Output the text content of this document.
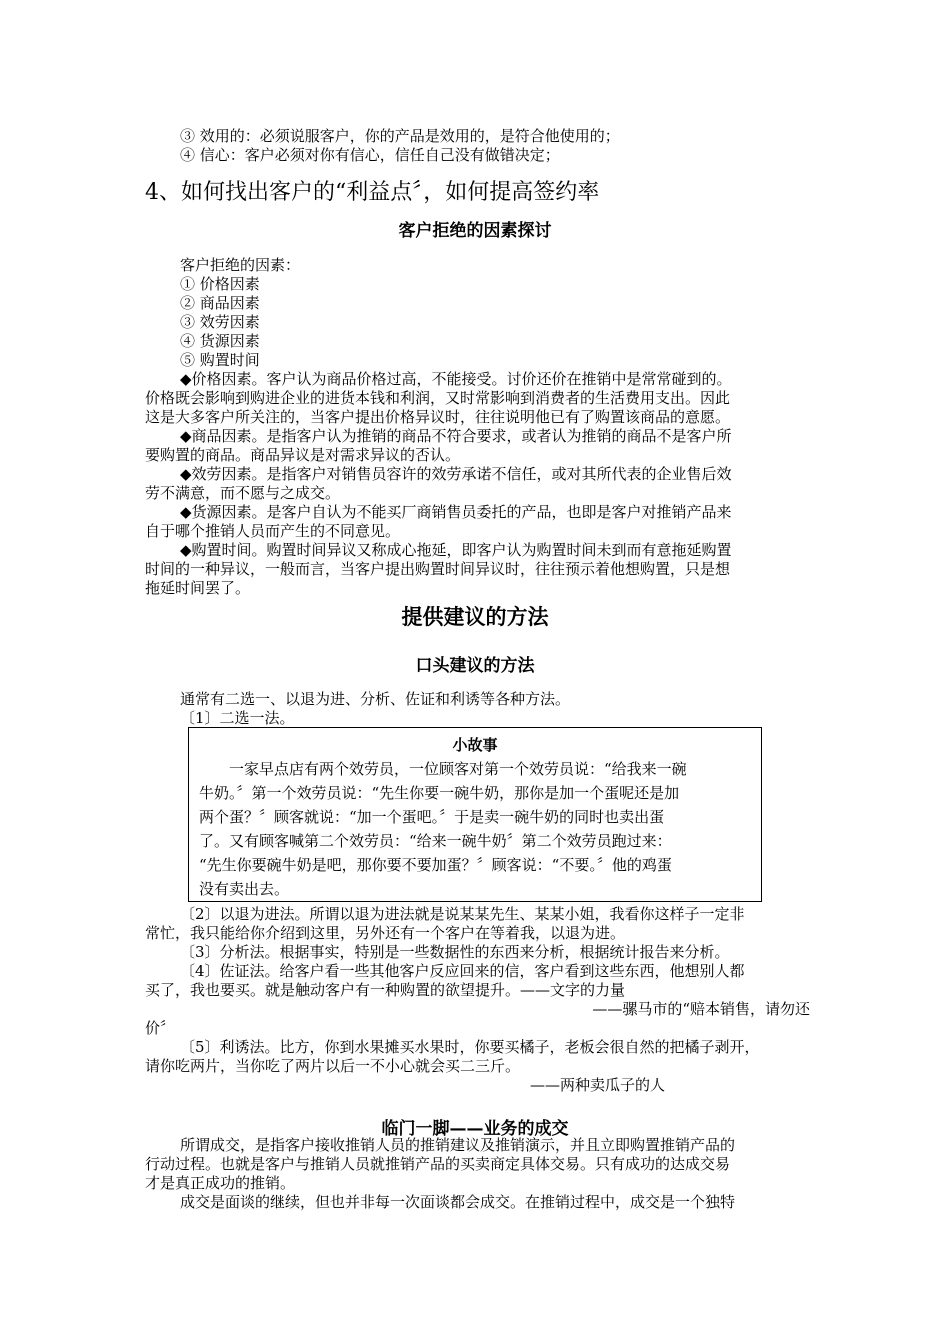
③ 效用的：必须说服客户，你的产品是效用的，是符合他使用的；
④ 信心：客户必须对你有信心，信任自己没有做错决定；
4、如何找出客户的“利益点〞，如何提高签约率
客户拒绝的因素探讨
客户拒绝的因素：
① 价格因素
② 商品因素
③ 效劳因素
④ 货源因素
⑤ 购置时间
◆价格因素。客户认为商品价格过高，不能接受。讨价还价在推销中是常常碰到的。
价格既会影响到购进企业的进货本钱和利润，又时常影响到消费者的生活费用支出。因此
这是大多客户所关注的，当客户提出价格异议时，往往说明他已有了购置该商品的意愿。
◆商品因素。是指客户认为推销的商品不符合要求，或者认为推销的商品不是客户所
要购置的商品。商品异议是对需求异议的否认。
◆效劳因素。是指客户对销售员容许的效劳承诺不信任，或对其所代表的企业售后效
劳不满意，而不愿与之成交。
◆货源因素。是客户自认为不能买厂商销售员委托的产品，也即是客户对推销产品来
自于哪个推销人员而产生的不同意见。
◆购置时间。购置时间异议又称成心拖延，即客户认为购置时间未到而有意拖延购置
时间的一种异议，一般而言，当客户提出购置时间异议时，往往预示着他想购置，只是想
拖延时间罢了。
提供建议的方法
口头建议的方法
通常有二选一、以退为进、分析、佐证和利诱等各种方法。
〔1〕二选一法。
小故事
一家早点店有两个效劳员，一位顾客对第一个效劳员说：“给我来一碗
牛奶。〞第一个效劳员说：“先生你要一碗牛奶，那你是加一个蛋呢还是加
两个蛋？〞顾客就说：“加一个蛋吧。〞于是卖一碗牛奶的同时也卖出蛋
了。又有顾客喊第二个效劳员：“给来一碗牛奶〞第二个效劳员跑过来：
“先生你要碗牛奶是吧，那你要不要加蛋？〞顾客说：“不要。〞他的鸡蛋
没有卖出去。
〔2〕以退为进法。所谓以退为进法就是说某某先生、某某小姐，我看你这样子一定非
常忙，我只能给你介绍到这里，另外还有一个客户在等着我，以退为进。
〔3〕分析法。根据事实，特别是一些数据性的东西来分析，根据统计报告来分析。
〔4〕佐证法。给客户看一些其他客户反应回来的信，客户看到这些东西，他想别人都
买了，我也要买。就是触动客户有一种购置的欲望提升。——文字的力量
——骡马市的“赔本销售，请勿还
价〞
〔5〕利诱法。比方，你到水果摊买水果时，你要买橘子，老板会很自然的把橘子剥开，
请你吃两片，当你吃了两片以后一不小心就会买二三斤。
——两种卖瓜子的人
临门一脚——业务的成交
所谓成交，是指客户接收推销人员的推销建议及推销演示，并且立即购置推销产品的
行动过程。也就是客户与推销人员就推销产品的买卖商定具体交易。只有成功的达成交易
才是真正成功的推销。
成交是面谈的继续，但也并非每一次面谈都会成交。在推销过程中，成交是一个独特
